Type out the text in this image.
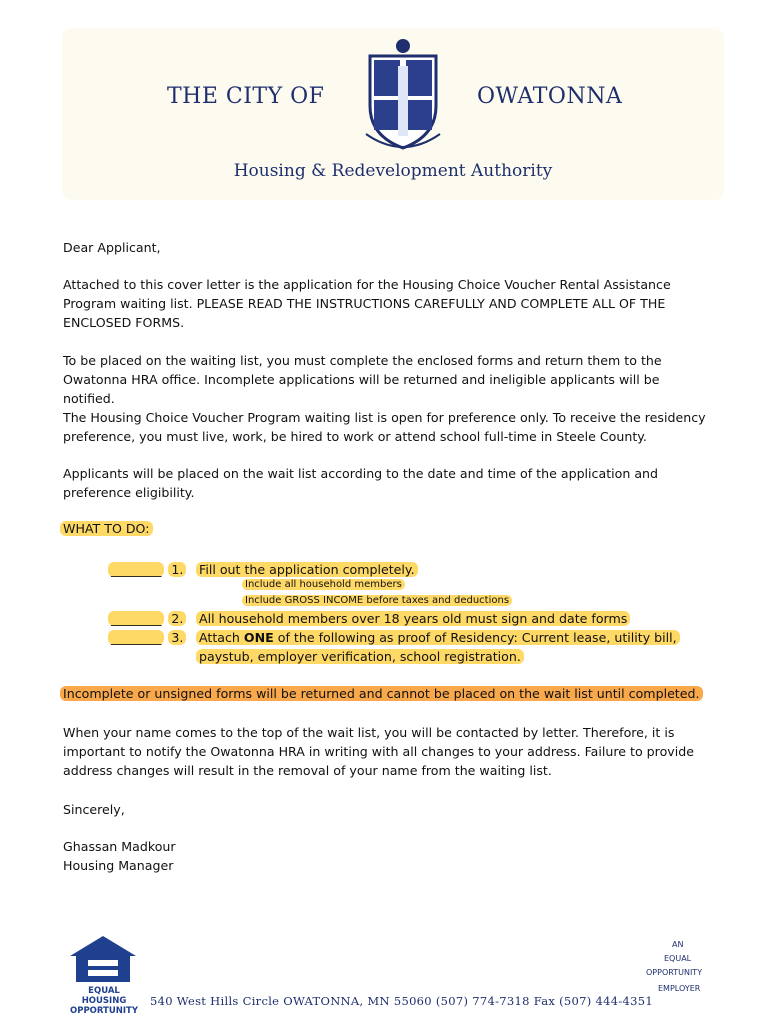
THE CITY OF	OWATONNA
Housing & Redevelopment Authority

Dear Applicant,

Attached to this cover letter is the application for the Housing Choice Voucher Rental Assistance Program waiting list. PLEASE READ THE INSTRUCTIONS CAREFULLY AND COMPLETE ALL OF THE ENCLOSED FORMS.

To be placed on the waiting list, you must complete the enclosed forms and return them to the Owatonna HRA office. Incomplete applications will be returned and ineligible applicants will be notified.

The Housing Choice Voucher Program waiting list is open for preference only. To receive the residency preference, you must live, work, be hired to work or attend school full-time in Steele County.

Applicants will be placed on the wait list according to the date and time of the application and preference eligibility.

WHAT TO DO:
________ 1. Fill out the application completely.
Include all household members
Include GROSS INCOME before taxes and deductions
________ 2. All household members over 18 years old must sign and date forms
________ 3. Attach ONE of the following as proof of Residency: Current lease, utility bill,
paystub, employer verification, school registration.
Incomplete or unsigned forms will be returned and cannot be placed on the wait list until completed.

When your name comes to the top of the wait list, you will be contacted by letter. Therefore, it is important to notify the Owatonna HRA in writing with all changes to your address. Failure to provide address changes will result in the removal of your name from the waiting list.

Sincerely,

Ghassan Madkour

Housing Manager

EQUAL HOUSING
OPPORTUNITY
540 West Hills Circle OWATONNA, MN 55060 (507) 774-7318 Fax (507) 444-4351
AN
EQUAL
OPPORTUNITY
EMPLOYER
